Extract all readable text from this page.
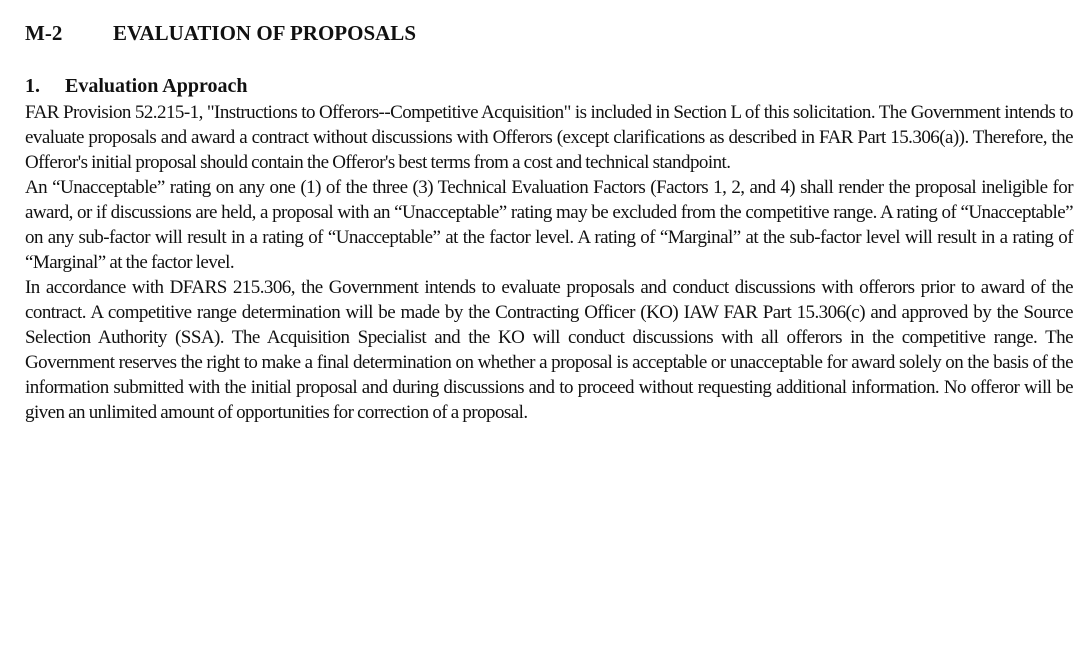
M-2 EVALUATION OF PROPOSALS
1. Evaluation Approach

FAR Provision 52.215-1, "Instructions to Offerors--Competitive Acquisition" is included in Section L of this solicitation. The Government intends to evaluate proposals and award a contract without discussions with Offerors (except clarifications as described in FAR Part 15.306(a)). Therefore, the Offeror's initial proposal should contain the Offeror's best terms from a cost and technical standpoint.

An “Unacceptable” rating on any one (1) of the three (3) Technical Evaluation Factors (Factors 1, 2, and 4) shall render the proposal ineligible for award, or if discussions are held, a proposal with an “Unacceptable” rating may be excluded from the competitive range. A rating of “Unacceptable” on any sub-factor will result in a rating of “Unacceptable” at the factor level. A rating of “Marginal” at the sub-factor level will result in a rating of “Marginal” at the factor level.

In accordance with DFARS 215.306, the Government intends to evaluate proposals and conduct discussions with offerors prior to award of the contract. A competitive range determination will be made by the Contracting Officer (KO) IAW FAR Part 15.306(c) and approved by the Source Selection Authority (SSA). The Acquisition Specialist and the KO will conduct discussions with all offerors in the competitive range. The Government reserves the right to make a final determination on whether a proposal is acceptable or unacceptable for award solely on the basis of the information submitted with the initial proposal and during discussions and to proceed without requesting additional information. No offeror will be given an unlimited amount of opportunities for correction of a proposal.
